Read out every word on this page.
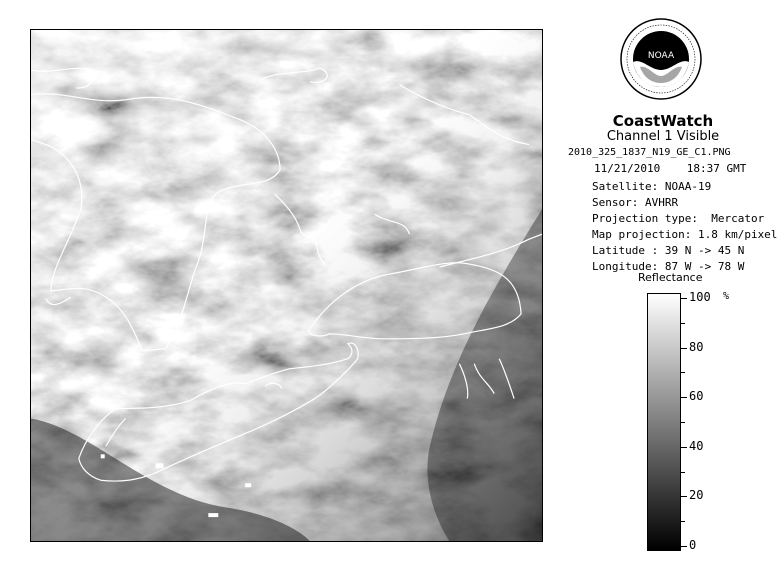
NOAA
CoastWatch
Channel 1 Visible
2010_325_1837_N19_GE_C1.PNG
11/21/2010    18:37 GMT
Satellite: NOAA-19
Sensor: AVHRR
Projection type:  Mercator
Map projection: 1.8 km/pixel
Latitude : 39 N -> 45 N
Longitude: 87 W -> 78 W
Reflectance
%
100
80
60
40
20
0
